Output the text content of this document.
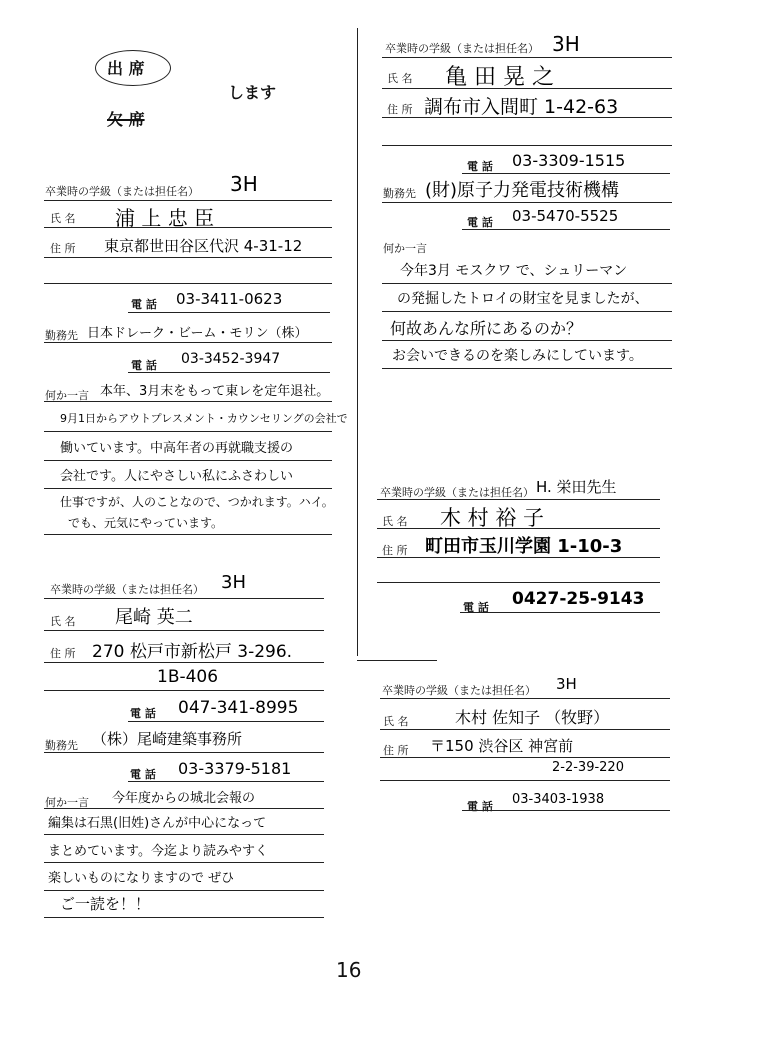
出 席
します
欠 席
卒業時の学級（または担任名） 3H
氏 名 浦 上 忠 臣
住 所 東京都世田谷区代沢 4-31-12
電 話 03-3411-0623
勤務先 日本ドレーク・ビーム・モリン（株）
電 話 03-3452-3947
何か一言 本年、3月末をもって東レを定年退社。
9月1日からアウトプレスメント・カウンセリングの会社で
働いています。中高年者の再就職支援の
会社です。人にやさしい私にふさわしい
仕事ですが、人のことなので、つかれます。ハイ。
でも、元気にやっています。
卒業時の学級（または担任名） 3H
氏 名 亀 田 晃 之
住 所 調布市入間町 1-42-63
電 話 03-3309-1515
勤務先 (財)原子力発電技術機構
電 話 03-5470-5525
何か一言
今年3月 モスクワ で、シュリーマン
の発掘したトロイの財宝を見ましたが、
何故あんな所にあるのか？
お会いできるのを楽しみにしています。
卒業時の学級（または担任名） 3H
氏 名 尾崎 英二
住 所 270 松戸市新松戸 3-296.
1B-406
電 話 047-341-8995
勤務先 （株）尾崎建築事務所
電 話 03-3379-5181
何か一言 今年度からの城北会報の
編集は石黒(旧姓)さんが中心になって
まとめています。今迄より読みやすく
楽しいものになりますので ぜひ
ご一読を！！
卒業時の学級（または担任名） H. 栄田先生
氏 名 木 村 裕 子
住 所 町田市玉川学園 1-10-3
電 話 0427-25-9143
卒業時の学級（または担任名） 3H
氏 名	木村 佐知子 （牧野）
住 所 〒150 渋谷区 神宮前
2-2-39-220
電 話 03-3403-1938
16
